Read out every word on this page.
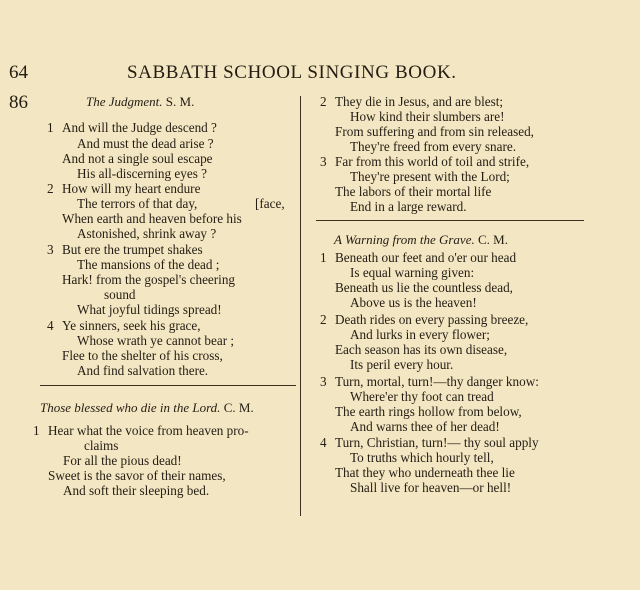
64	SABBATH SCHOOL SINGING BOOK.
86	The Judgment. S. M.
1 And will the Judge descend ?
And must the dead arise ?
And not a single soul escape
His all-discerning eyes ?
2 How will my heart endure
The terrors of that day,	[face,
When earth and heaven before his
Astonished, shrink away ?
3 But ere the trumpet shakes
The mansions of the dead ;
Hark! from the gospel's cheering
sound
What joyful tidings spread!
4 Ye sinners, seek his grace,
Whose wrath ye cannot bear ;
Flee to the shelter of his cross,
And find salvation there.
Those blessed who die in the Lord. C. M.
1 Hear what the voice from heaven pro-
claims
For all the pious dead!
Sweet is the savor of their names,
And soft their sleeping bed.
2 They die in Jesus, and are blest;
How kind their slumbers are!
From suffering and from sin released,
They're freed from every snare.
3 Far from this world of toil and strife,
They're present with the Lord;
The labors of their mortal life
End in a large reward.
A Warning from the Grave. C. M.
1 Beneath our feet and o'er our head
Is equal warning given:
Beneath us lie the countless dead,
Above us is the heaven!
2 Death rides on every passing breeze,
And lurks in every flower;
Each season has its own disease,
Its peril every hour.
3 Turn, mortal, turn!—thy danger know:
Where'er thy foot can tread
The earth rings hollow from below,
And warns thee of her dead!
4 Turn, Christian, turn!— thy soul apply
To truths which hourly tell,
That they who underneath thee lie
Shall live for heaven—or hell!
